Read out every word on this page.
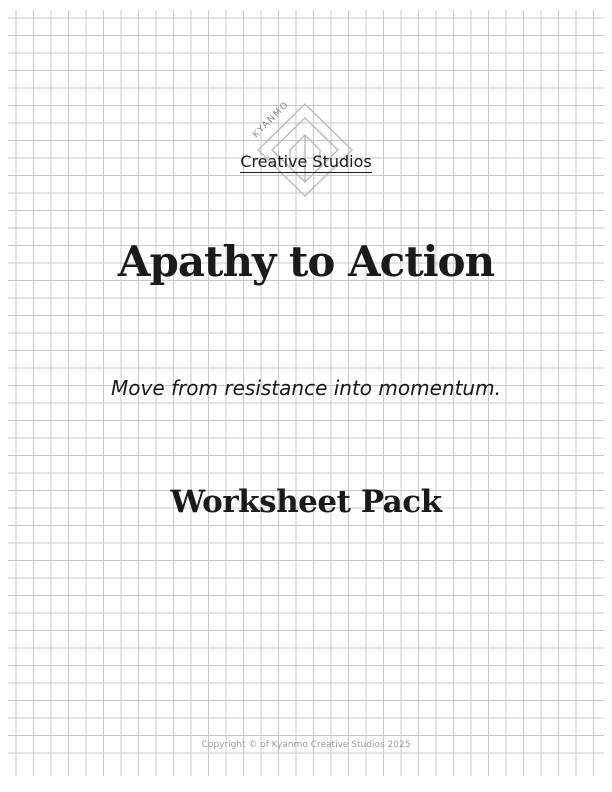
KYANMO
Creative Studios
Apathy to Action
Move from resistance into momentum.
Worksheet Pack
Copyright © of Kyanmo Creative Studios 2025
